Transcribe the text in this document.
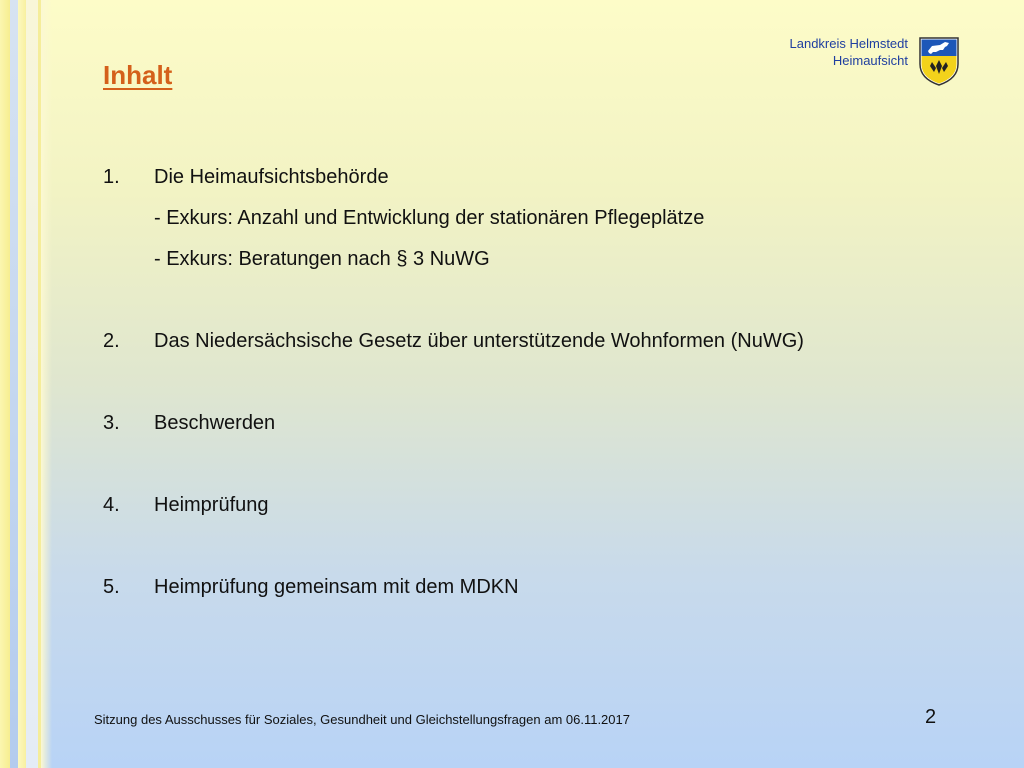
Inhalt
Landkreis Helmstedt
Heimaufsicht
1. Die Heimaufsichtsbehörde
- Exkurs: Anzahl und Entwicklung der stationären Pflegeplätze
- Exkurs: Beratungen nach § 3 NuWG
2. Das Niedersächsische Gesetz über unterstützende Wohnformen (NuWG)
3. Beschwerden
4. Heimprüfung
5. Heimprüfung gemeinsam mit dem MDKN
Sitzung des Ausschusses für Soziales, Gesundheit und Gleichstellungsfragen am 06.11.2017	2
